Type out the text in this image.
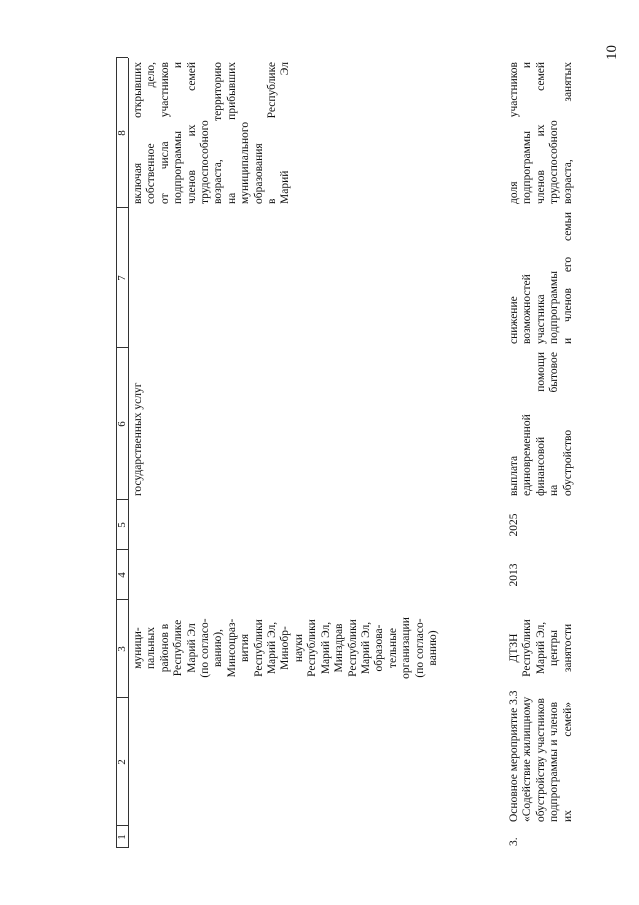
10
1
2
3
4
5
6
7
8
муници-
пальных
районов в
Республике
Марий Эл
(по согласо-
ванию),
Минсоцраз-
вития
Республики
Марий Эл,
Минобр-
науки
Республики
Марий Эл,
Минздрав
Республики
Марий Эл,
образова-
тельные
организации
(по согласо-
ванию)
государственных услуг
включая открывших
собственное дело,
от числа участников
подпрограммы и
членов их семей
трудоспособного
возраста, территорию
на прибывших
муниципального
образования
в Республике
Марий Эл
3.
Основное мероприятие 3.3
«Содействие жилищному
обустройству участников
подпрограммы и членов
их семей»
ДТЗН
Республики
Марий Эл,
центры
занятости
2013
2025
выплата
единовременной
финансовой помощи
на бытовое
обустройство
снижение
возможностей
участника
подпрограммы
и членов его семьи
доля участников
подпрограммы и
членов их семей
трудоспособного
возраста, занятых
